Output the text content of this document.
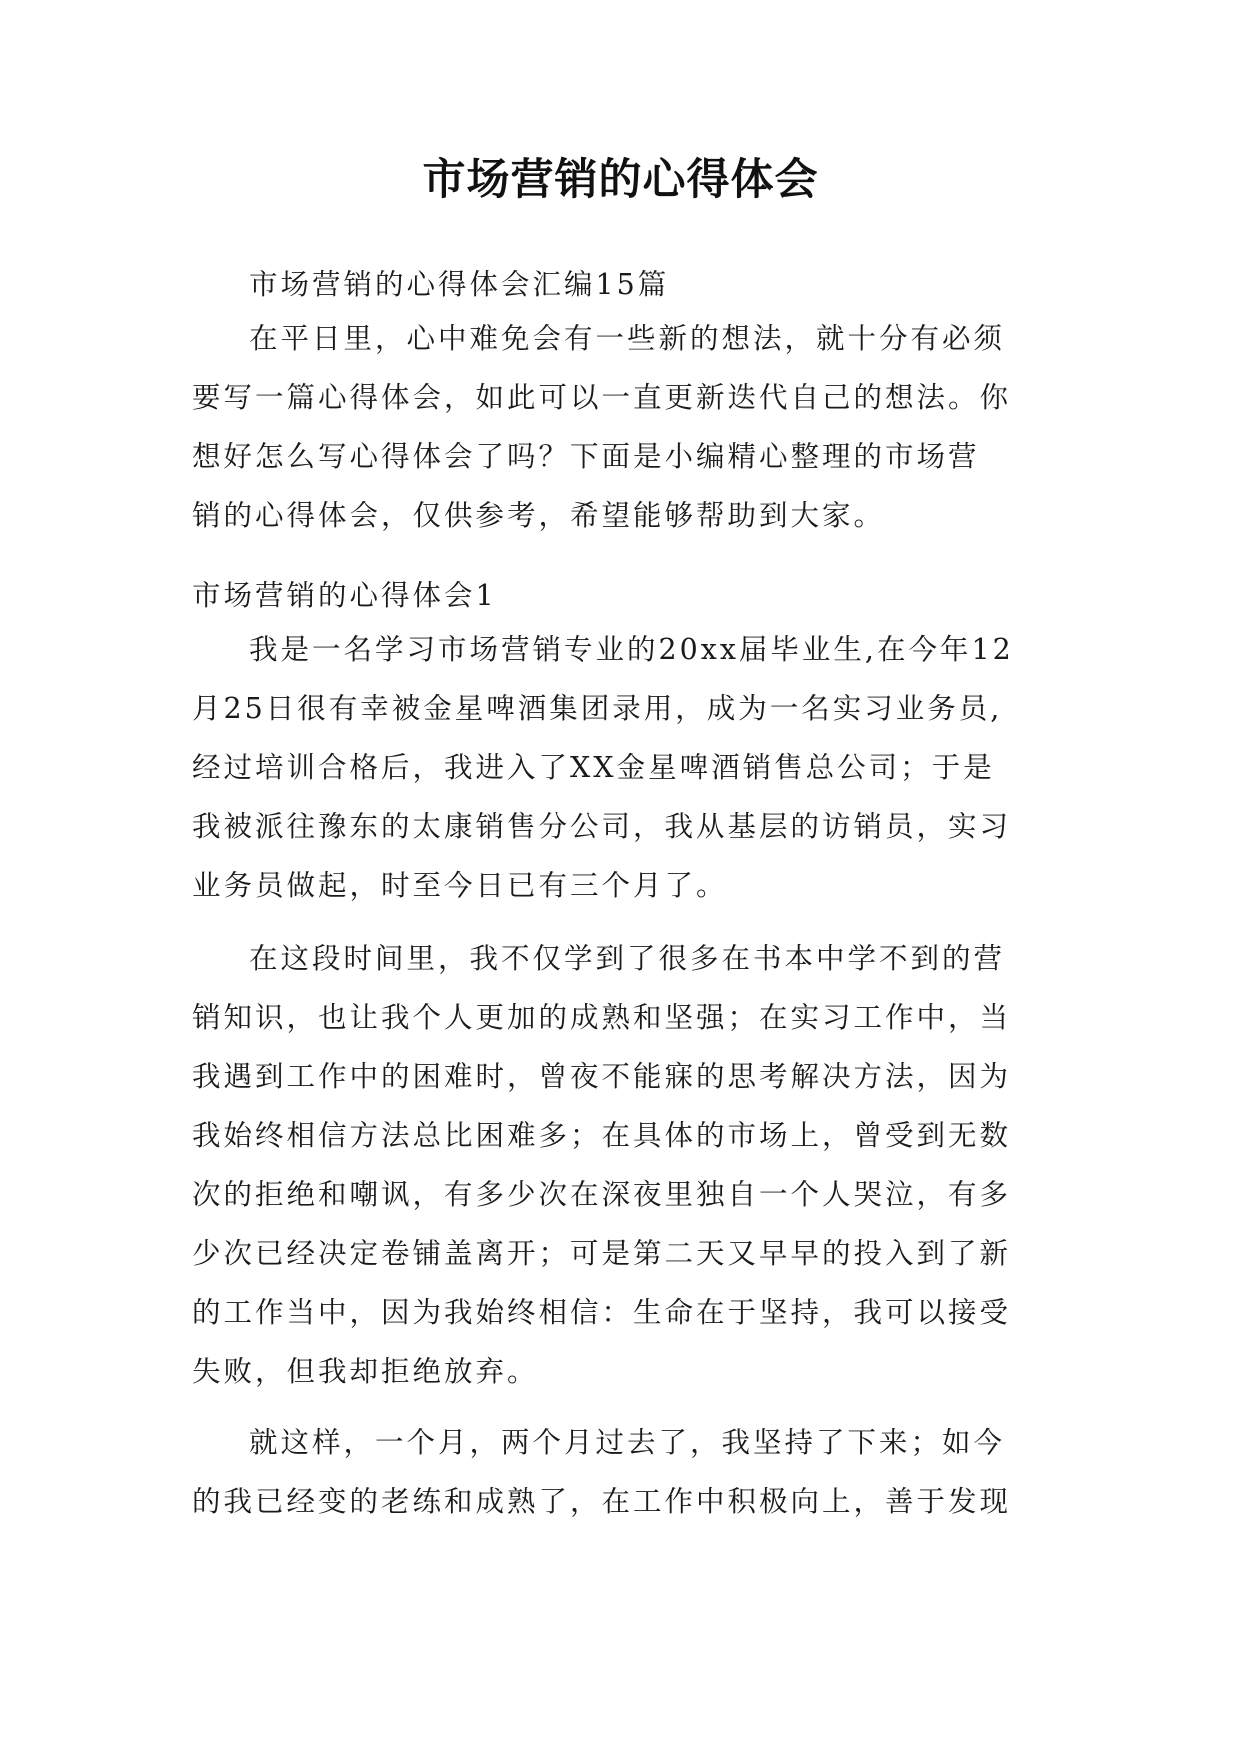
市场营销的心得体会
市场营销的心得体会汇编15篇
在平日里，心中难免会有一些新的想法，就十分有必须
要写一篇心得体会，如此可以一直更新迭代自己的想法。你
想好怎么写心得体会了吗？下面是小编精心整理的市场营
销的心得体会，仅供参考，希望能够帮助到大家。
市场营销的心得体会1
我是一名学习市场营销专业的20xx届毕业生,在今年12
月25日很有幸被金星啤酒集团录用，成为一名实习业务员,
经过培训合格后，我进入了XX金星啤酒销售总公司；于是
我被派往豫东的太康销售分公司，我从基层的访销员，实习
业务员做起，时至今日已有三个月了。
在这段时间里，我不仅学到了很多在书本中学不到的营
销知识，也让我个人更加的成熟和坚强；在实习工作中，当
我遇到工作中的困难时，曾夜不能寐的思考解决方法，因为
我始终相信方法总比困难多；在具体的市场上，曾受到无数
次的拒绝和嘲讽，有多少次在深夜里独自一个人哭泣，有多
少次已经决定卷铺盖离开；可是第二天又早早的投入到了新
的工作当中，因为我始终相信：生命在于坚持，我可以接受
失败，但我却拒绝放弃。
就这样，一个月，两个月过去了，我坚持了下来；如今
的我已经变的老练和成熟了，在工作中积极向上，善于发现
